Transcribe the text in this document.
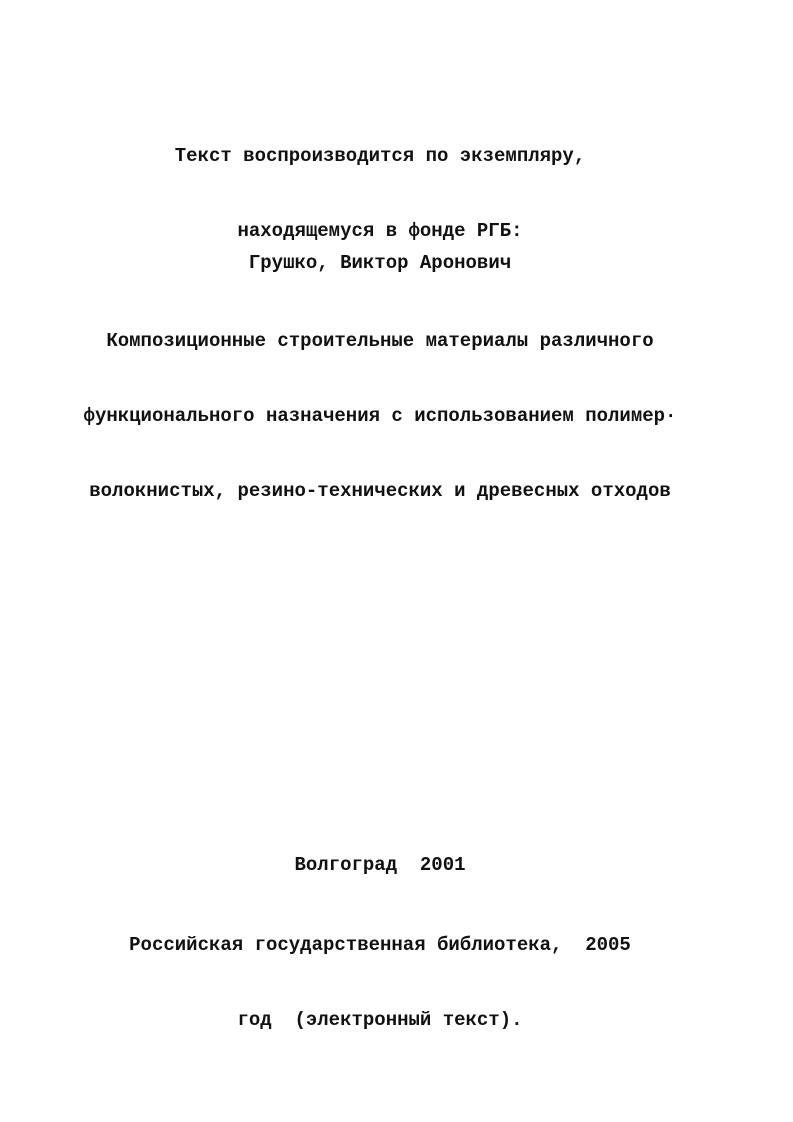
Текст воспроизводится по экземпляру,

находящемуся в фонде РГБ:

Грушко, Виктор Аронович

Композиционные строительные материалы различного

функционального назначения с использованием полимер·

волокнистых, резино-технических и древесных отходов

Волгоград  2001

Российская государственная библиотека,  2005

год  (электронный текст).
